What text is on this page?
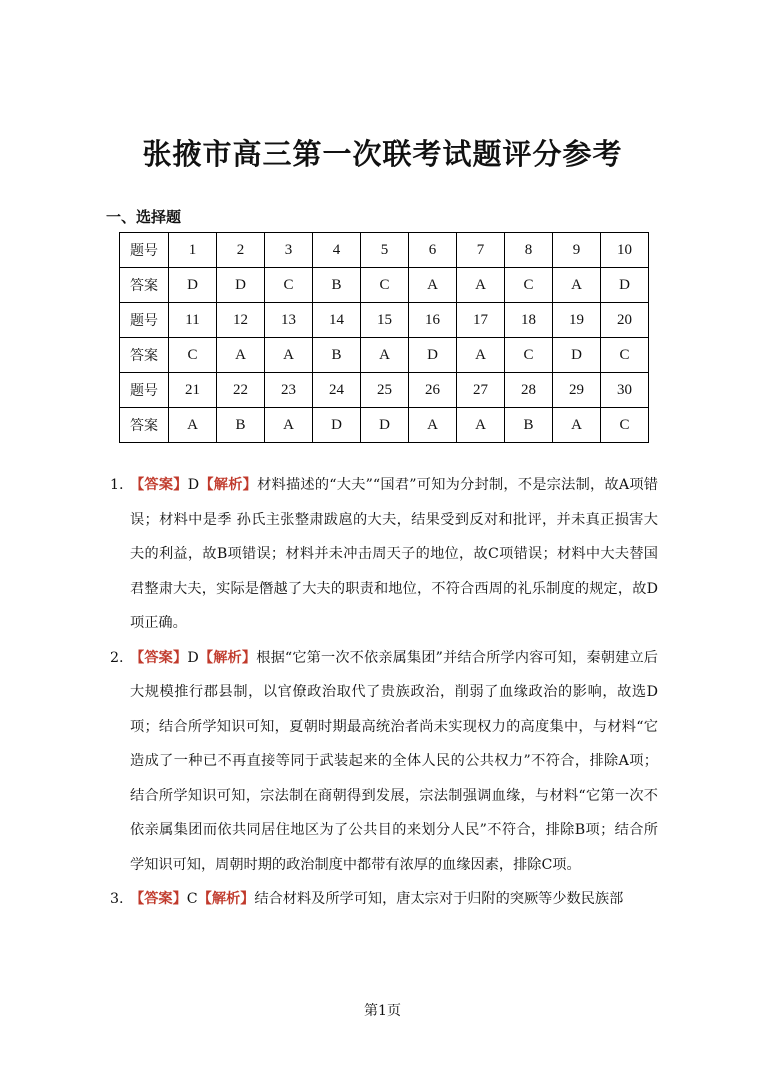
张掖市高三第一次联考试题评分参考
一、选择题
题号	1	2	3	4	5	6	7	8	9	10
答案	D	D	C	B	C	A	A	C	A	D
题号	11	12	13	14	15	16	17	18	19	20
答案	C	A	A	B	A	D	A	C	D	C
题号	21	22	23	24	25	26	27	28	29	30
答案	A	B	A	D	D	A	A	B	A	C
1. 【答案】D【解析】材料描述的“大夫”“国君”可知为分封制，不是宗法制，故A项错误；材料中是季 孙氏主张整肃跋扈的大夫，结果受到反对和批评，并未真正损害大夫的利益，故B项错误；材料并未冲击周天子的地位，故C项错误；材料中大夫替国君整肃大夫，实际是僭越了大夫的职责和地位，不符合西周的礼乐制度的规定，故D项正确。
2. 【答案】D【解析】根据“它第一次不依亲属集团”并结合所学内容可知，秦朝建立后大规模推行郡县制，以官僚政治取代了贵族政治，削弱了血缘政治的影响，故选D项；结合所学知识可知，夏朝时期最高统治者尚未实现权力的高度集中，与材料“它造成了一种已不再直接等同于武装起来的全体人民的公共权力”不符合，排除A项；结合所学知识可知，宗法制在商朝得到发展，宗法制强调血缘，与材料“它第一次不依亲属集团而依共同居住地区为了公共目的来划分人民”不符合，排除B项；结合所学知识可知，周朝时期的政治制度中都带有浓厚的血缘因素，排除C项。
3. 【答案】C【解析】结合材料及所学可知，唐太宗对于归附的突厥等少数民族部
第1页
